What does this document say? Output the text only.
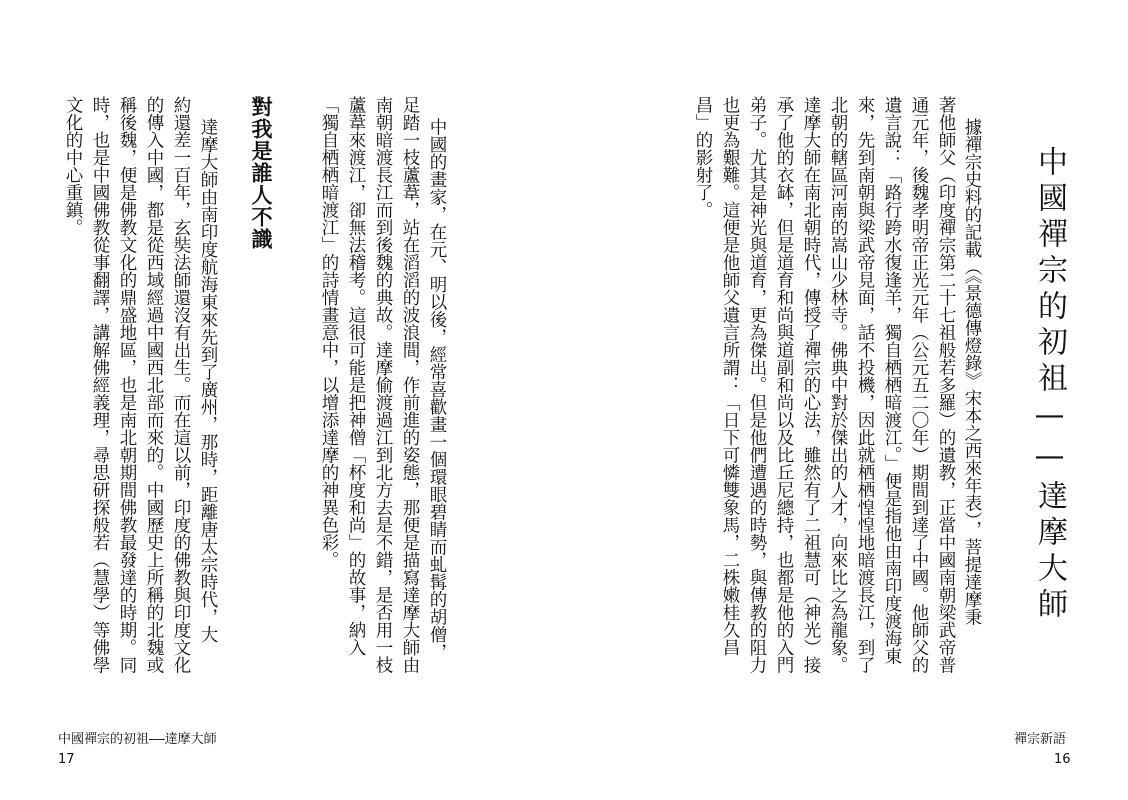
中國禪宗的初祖——達摩大師
據禪宗史料的記載（《景德傳燈錄》宋本之西來年表），菩提達摩秉
著他師父（印度禪宗第二十七祖般若多羅）的遺教，正當中國南朝梁武帝普
通元年，後魏孝明帝正光元年（公元五二〇年）期間到達了中國。他師父的
遺言說：「路行跨水復逢羊，獨自栖栖暗渡江。」便是指他由南印度渡海東
來，先到南朝與梁武帝見面，話不投機，因此就栖栖惶惶地暗渡長江，到了
北朝的轄區河南的嵩山少林寺。佛典中對於傑出的人才，向來比之為龍象。
達摩大師在南北朝時代，傳授了禪宗的心法，雖然有了二祖慧可（神光）接
承了他的衣缽，但是道育和尚與道副和尚以及比丘尼總持，也都是他的入門
弟子。尤其是神光與道育，更為傑出。但是他們遭遇的時勢，與傳教的阻力
也更為艱難。這便是他師父遺言所謂：「日下可憐雙象馬，二株嫩桂久昌
昌」的影射了。
禪宗新語
16
中國的畫家，在元、明以後，經常喜歡畫一個環眼碧睛而虬髯的胡僧，
足踏一枝蘆葦，站在滔滔的波浪間，作前進的姿態，那便是描寫達摩大師由
南朝暗渡長江而到後魏的典故。達摩偷渡過江到北方去是不錯，是否用一枝
蘆葦來渡江，卻無法稽考。這很可能是把神僧「杯度和尚」的故事，納入
「獨自栖栖暗渡江」的詩情畫意中，以增添達摩的神異色彩。
對我是誰人不識
達摩大師由南印度航海東來先到了廣州，那時，距離唐太宗時代，大
約還差一百年，玄奘法師還沒有出生。而在這以前，印度的佛教與印度文化
的傳入中國，都是從西域經過中國西北部而來的。中國歷史上所稱的北魏或
稱後魏，便是佛教文化的鼎盛地區，也是南北朝期間佛教最發達的時期。同
時，也是中國佛教從事翻譯，講解佛經義理，尋思研探般若（慧學）等佛學
文化的中心重鎮。
中國禪宗的初祖——達摩大師
17
